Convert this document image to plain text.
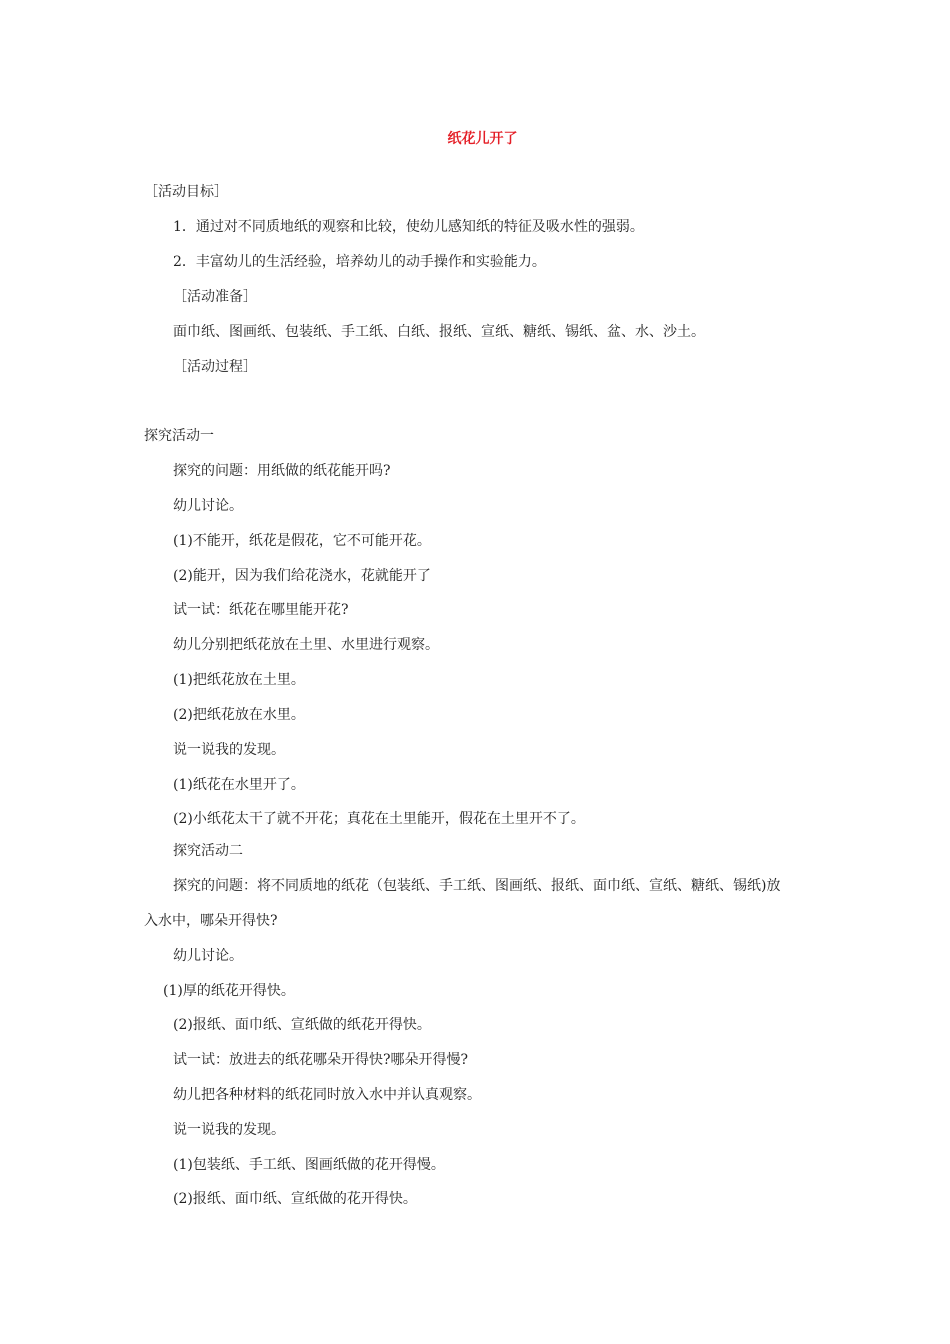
纸花儿开了
［活动目标］
1．通过对不同质地纸的观察和比较，使幼儿感知纸的特征及吸水性的强弱。
2．丰富幼儿的生活经验，培养幼儿的动手操作和实验能力。
［活动准备］
面巾纸、图画纸、包装纸、手工纸、白纸、报纸、宣纸、糖纸、锡纸、盆、水、沙土。
［活动过程］
探究活动一
探究的问题：用纸做的纸花能开吗?
幼儿讨论。
(1)不能开，纸花是假花，它不可能开花。
(2)能开，因为我们给花浇水，花就能开了
试一试：纸花在哪里能开花?
幼儿分别把纸花放在土里、水里进行观察。
(1)把纸花放在土里。
(2)把纸花放在水里。
说一说我的发现。
(1)纸花在水里开了。
(2)小纸花太干了就不开花；真花在土里能开，假花在土里开不了。
探究活动二
探究的问题：将不同质地的纸花（包装纸、手工纸、图画纸、报纸、面巾纸、宣纸、糖纸、锡纸)放
入水中，哪朵开得快?
幼儿讨论。
(1)厚的纸花开得快。
(2)报纸、面巾纸、宣纸做的纸花开得快。
试一试：放进去的纸花哪朵开得快?哪朵开得慢?
幼儿把各种材料的纸花同时放入水中并认真观察。
说一说我的发现。
(1)包装纸、手工纸、图画纸做的花开得慢。
(2)报纸、面巾纸、宣纸做的花开得快。
